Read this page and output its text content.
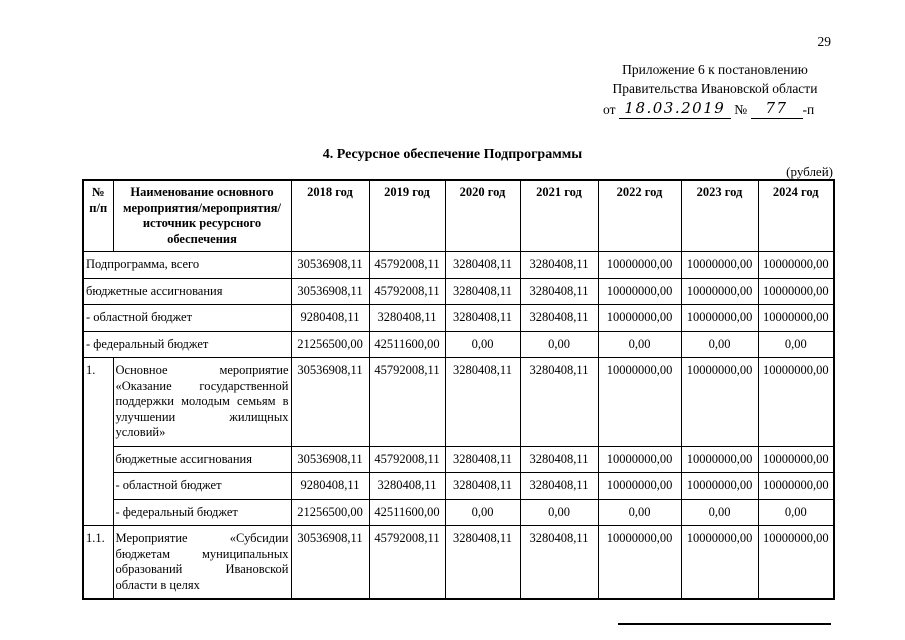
29
Приложение 6 к постановлению
Правительства Ивановской области
от 18.03.2019 № 77 -п
4. Ресурсное обеспечение Подпрограммы
(рублей)
№ п/п	Наименование основного мероприятия/мероприятия/ источник ресурсного обеспечения	2018 год	2019 год	2020 год	2021 год	2022 год	2023 год	2024 год
Подпрограмма, всего		30536908,11	45792008,11	3280408,11	3280408,11	10000000,00	10000000,00	10000000,00
бюджетные ассигнования		30536908,11	45792008,11	3280408,11	3280408,11	10000000,00	10000000,00	10000000,00
- областной бюджет		9280408,11	3280408,11	3280408,11	3280408,11	10000000,00	10000000,00	10000000,00
- федеральный бюджет		21256500,00	42511600,00	0,00	0,00	0,00	0,00	0,00
1.	Основное мероприятие «Оказание государственной поддержки молодым семьям в улучшении жилищных условий»	30536908,11	45792008,11	3280408,11	3280408,11	10000000,00	10000000,00	10000000,00
	бюджетные ассигнования	30536908,11	45792008,11	3280408,11	3280408,11	10000000,00	10000000,00	10000000,00
	- областной бюджет	9280408,11	3280408,11	3280408,11	3280408,11	10000000,00	10000000,00	10000000,00
	- федеральный бюджет	21256500,00	42511600,00	0,00	0,00	0,00	0,00	0,00
1.1.	Мероприятие «Субсидии бюджетам муниципальных образований Ивановской области в целях	30536908,11	45792008,11	3280408,11	3280408,11	10000000,00	10000000,00	10000000,00
